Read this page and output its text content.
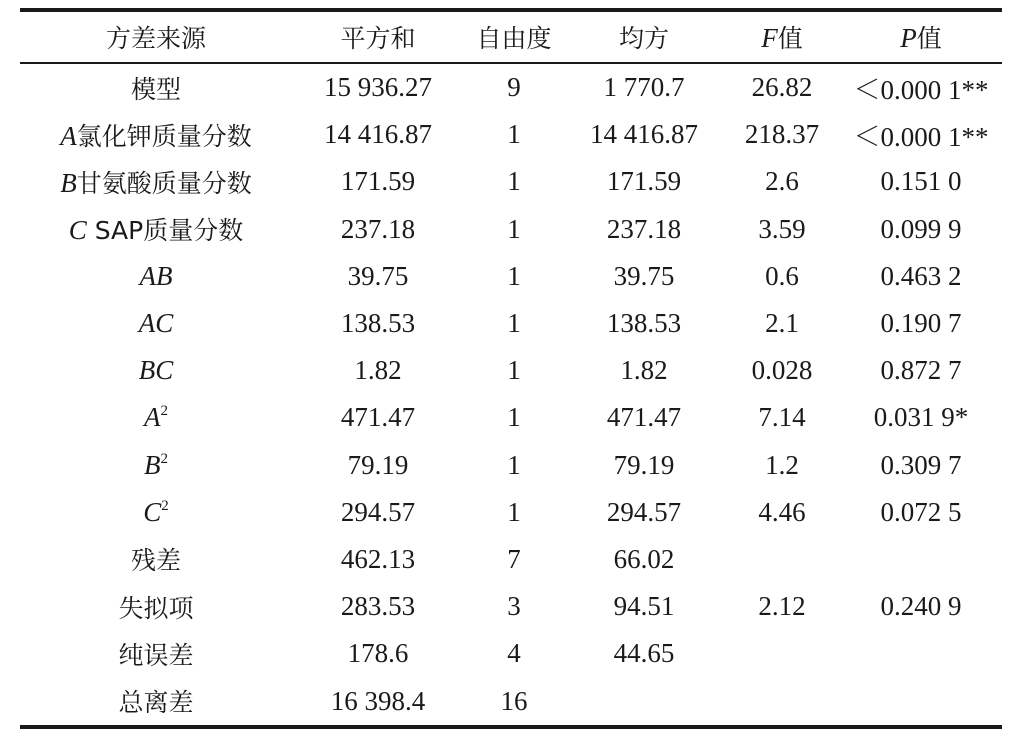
方差来源	平方和	自由度	均方	F值	P值
模型	15 936.27	9	1 770.7	26.82	＜0.000 1**
A氯化钾质量分数	14 416.87	1	14 416.87	218.37	＜0.000 1**
B甘氨酸质量分数	171.59	1	171.59	2.6	0.151 0
C SAP质量分数	237.18	1	237.18	3.59	0.099 9
AB	39.75	1	39.75	0.6	0.463 2
AC	138.53	1	138.53	2.1	0.190 7
BC	1.82	1	1.82	0.028	0.872 7
$A^2$	471.47	1	471.47	7.14	0.031 9*
$B^2$	79.19	1	79.19	1.2	0.309 7
$C^2$	294.57	1	294.57	4.46	0.072 5
残差	462.13	7	66.02		
失拟项	283.53	3	94.51	2.12	0.240 9
纯误差	178.6	4	44.65		
总离差	16 398.4	16			
